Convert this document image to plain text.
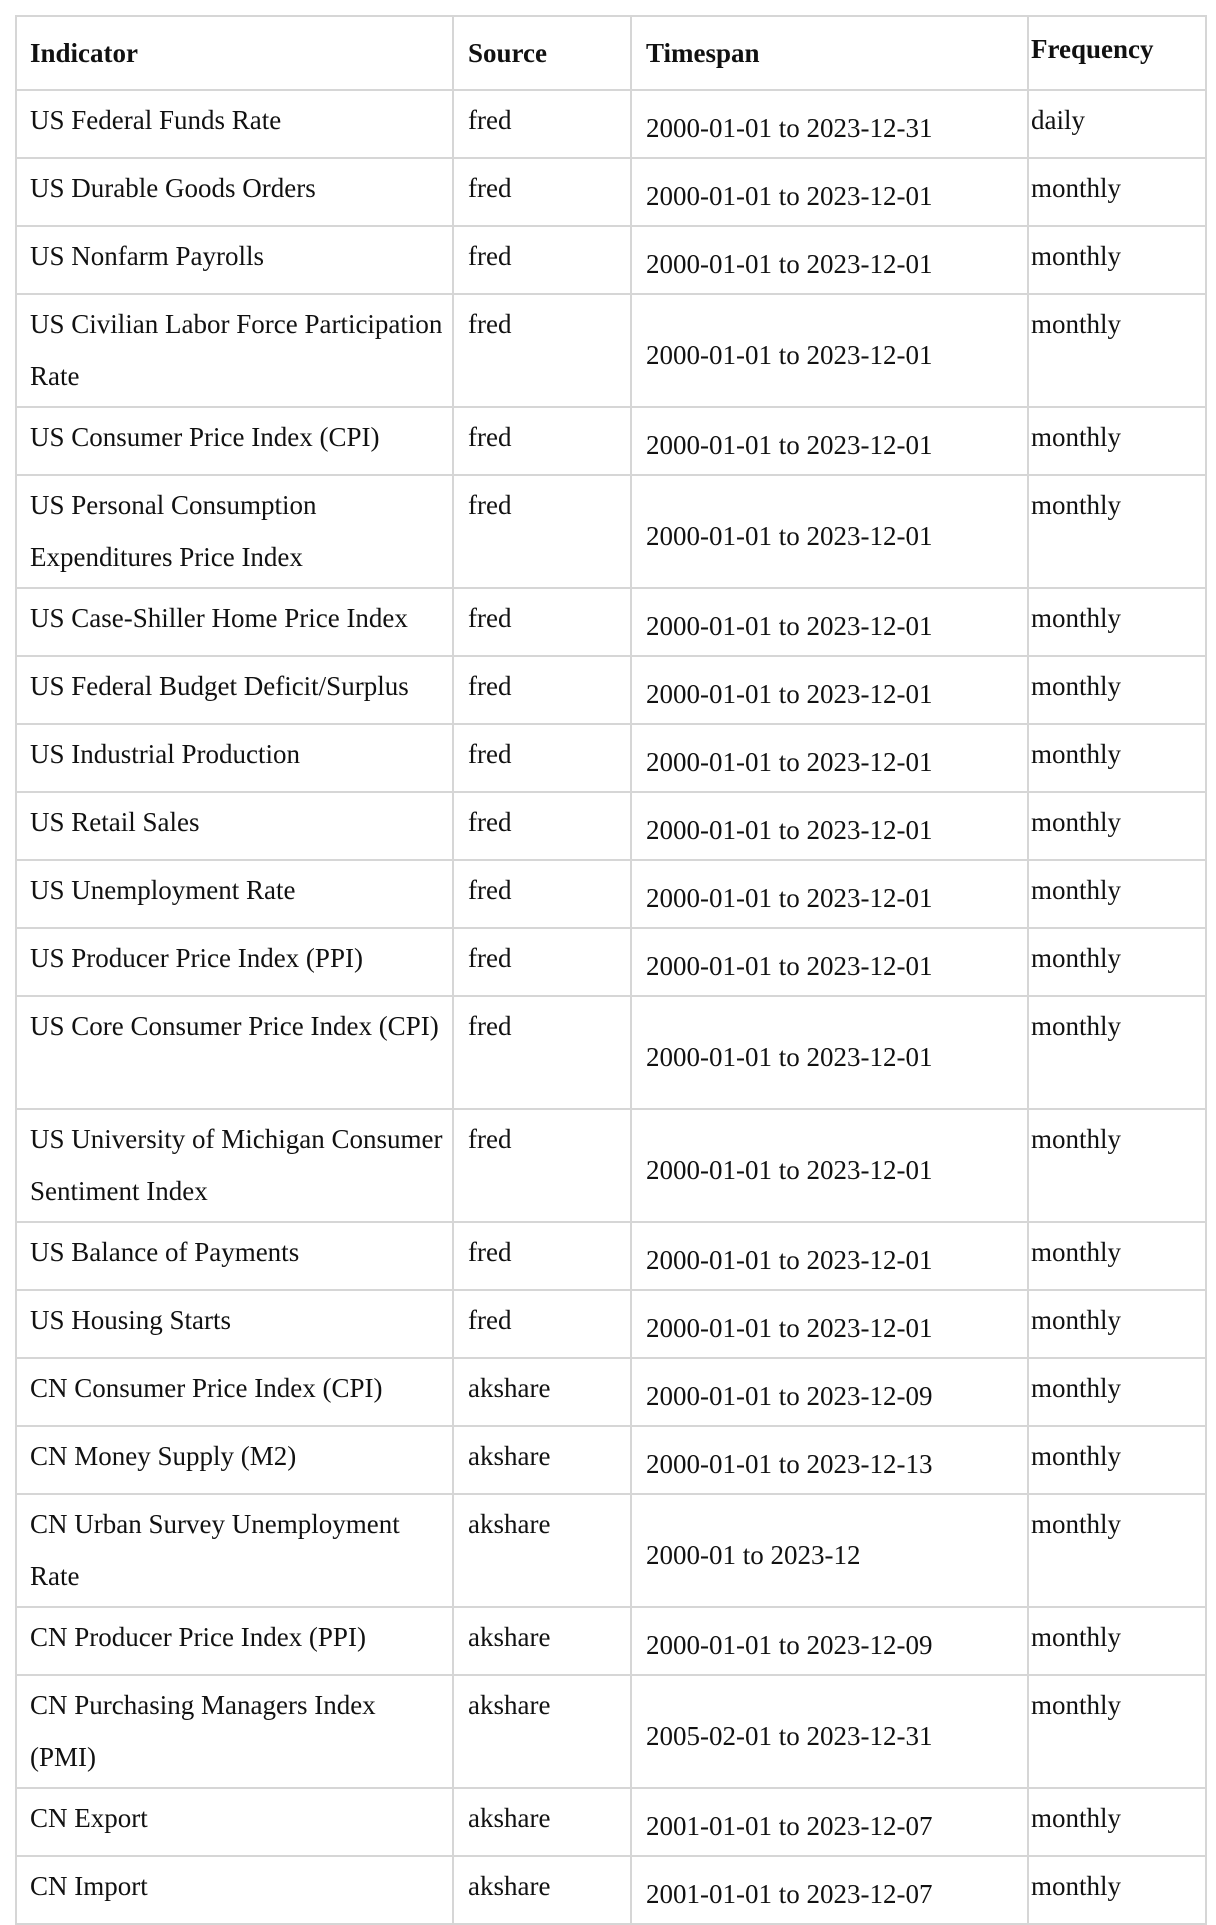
Indicator	Source	Timespan	Frequency
US Federal Funds Rate	fred	2000-01-01 to 2023-12-31	daily
US Durable Goods Orders	fred	2000-01-01 to 2023-12-01	monthly
US Nonfarm Payrolls	fred	2000-01-01 to 2023-12-01	monthly
US Civilian Labor Force Participation Rate	fred	2000-01-01 to 2023-12-01	monthly
US Consumer Price Index (CPI)	fred	2000-01-01 to 2023-12-01	monthly
US Personal Consumption Expenditures Price Index	fred	2000-01-01 to 2023-12-01	monthly
US Case-Shiller Home Price Index	fred	2000-01-01 to 2023-12-01	monthly
US Federal Budget Deficit/Surplus	fred	2000-01-01 to 2023-12-01	monthly
US Industrial Production	fred	2000-01-01 to 2023-12-01	monthly
US Retail Sales	fred	2000-01-01 to 2023-12-01	monthly
US Unemployment Rate	fred	2000-01-01 to 2023-12-01	monthly
US Producer Price Index (PPI)	fred	2000-01-01 to 2023-12-01	monthly
US Core Consumer Price Index (CPI)	fred	2000-01-01 to 2023-12-01	monthly
US University of Michigan Consumer Sentiment Index	fred	2000-01-01 to 2023-12-01	monthly
US Balance of Payments	fred	2000-01-01 to 2023-12-01	monthly
US Housing Starts	fred	2000-01-01 to 2023-12-01	monthly
CN Consumer Price Index (CPI)	akshare	2000-01-01 to 2023-12-09	monthly
CN Money Supply (M2)	akshare	2000-01-01 to 2023-12-13	monthly
CN Urban Survey Unemployment Rate	akshare	2000-01 to 2023-12	monthly
CN Producer Price Index (PPI)	akshare	2000-01-01 to 2023-12-09	monthly
CN Purchasing Managers Index (PMI)	akshare	2005-02-01 to 2023-12-31	monthly
CN Export	akshare	2001-01-01 to 2023-12-07	monthly
CN Import	akshare	2001-01-01 to 2023-12-07	monthly
